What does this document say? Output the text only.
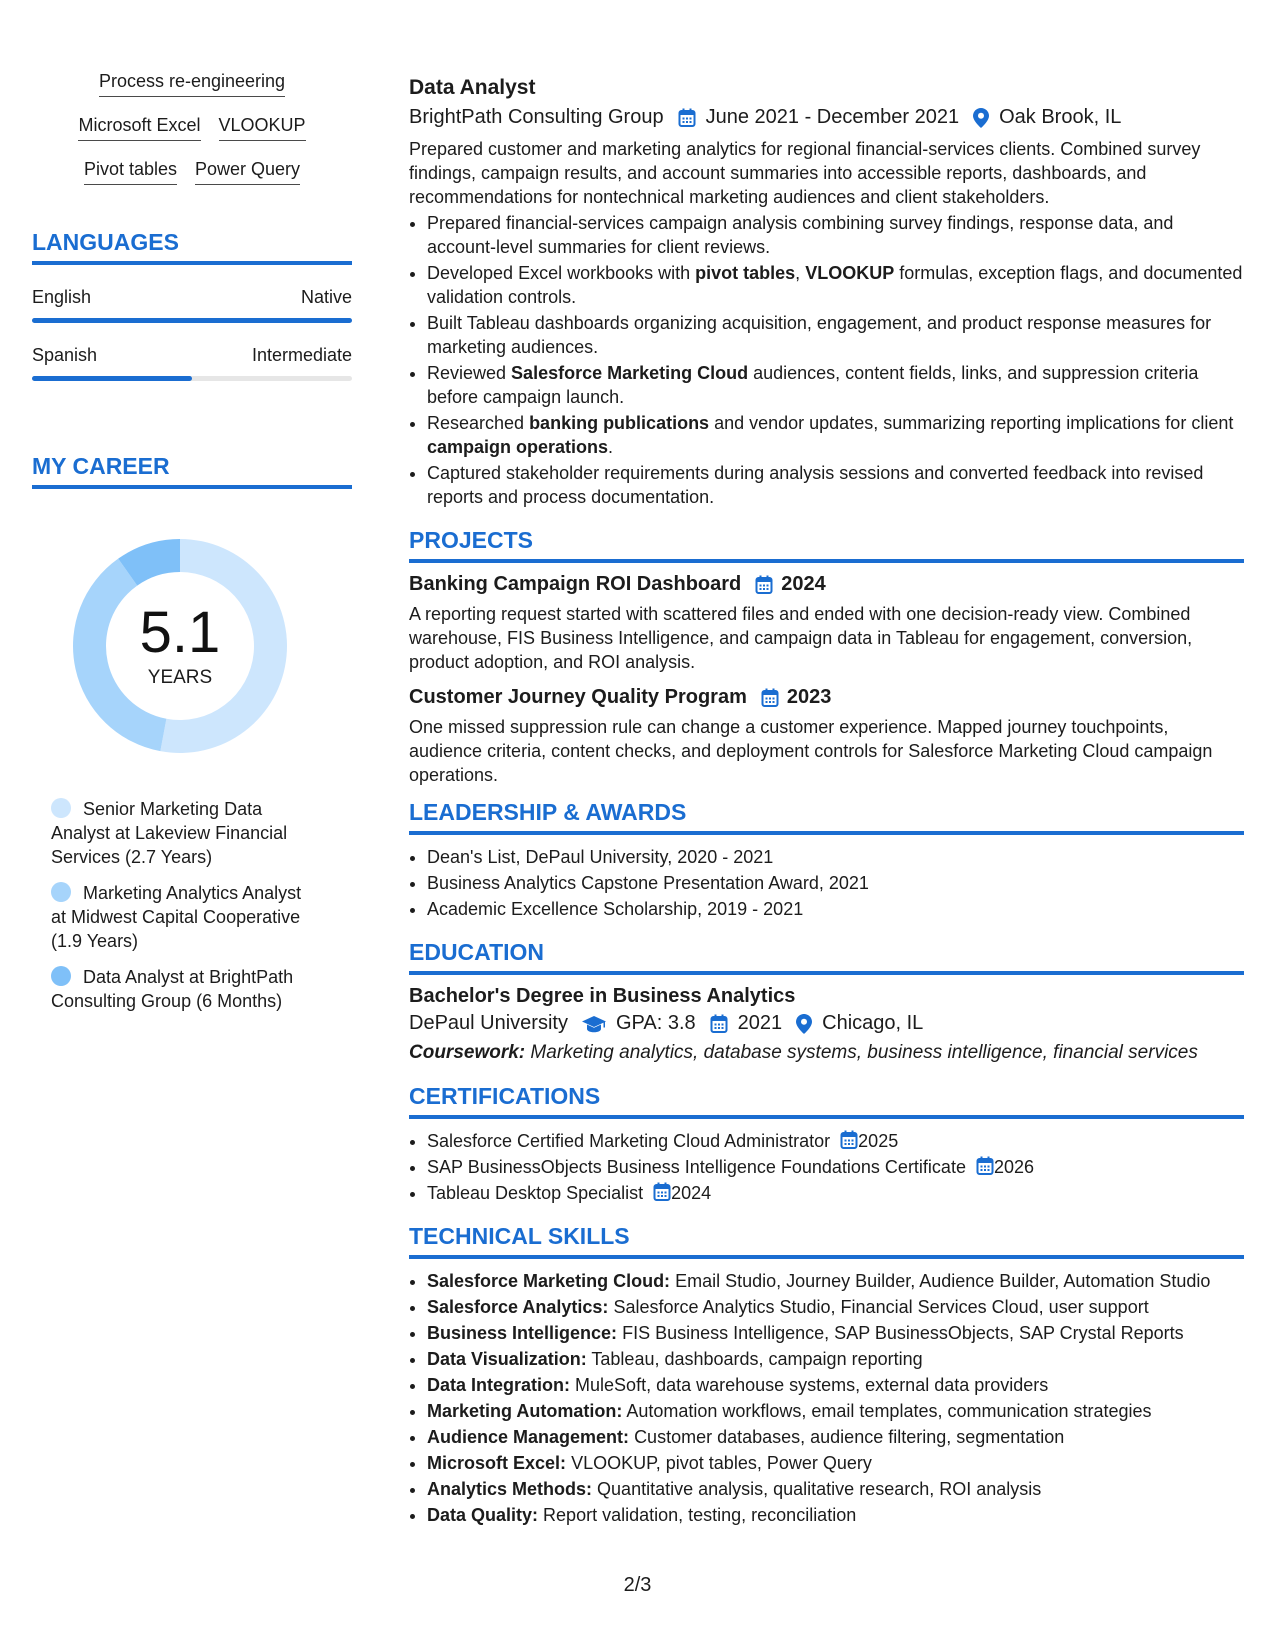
Process re-engineering
Microsoft Excel VLOOKUP
Pivot tables Power Query
LANGUAGES
English	Native
Spanish	Intermediate
MY CAREER
5.1
YEARS
Senior Marketing Data Analyst at Lakeview Financial Services (2.7 Years)
Marketing Analytics Analyst at Midwest Capital Cooperative (1.9 Years)
Data Analyst at BrightPath Consulting Group (6 Months)
Data Analyst
BrightPath Consulting Group June 2021 - December 2021 Oak Brook, IL

Prepared customer and marketing analytics for regional financial-services clients. Combined survey findings, campaign results, and account summaries into accessible reports, dashboards, and recommendations for nontechnical marketing audiences and client stakeholders.

• Prepared financial-services campaign analysis combining survey findings, response data, and account-level summaries for client reviews.
• Developed Excel workbooks with pivot tables, VLOOKUP formulas, exception flags, and documented validation controls.
• Built Tableau dashboards organizing acquisition, engagement, and product response measures for marketing audiences.
• Reviewed Salesforce Marketing Cloud audiences, content fields, links, and suppression criteria before campaign launch.
• Researched banking publications and vendor updates, summarizing reporting implications for client campaign operations.
• Captured stakeholder requirements during analysis sessions and converted feedback into revised reports and process documentation.
PROJECTS
Banking Campaign ROI Dashboard 2024

A reporting request started with scattered files and ended with one decision-ready view. Combined warehouse, FIS Business Intelligence, and campaign data in Tableau for engagement, conversion, product adoption, and ROI analysis.

Customer Journey Quality Program 2023

One missed suppression rule can change a customer experience. Mapped journey touchpoints, audience criteria, content checks, and deployment controls for Salesforce Marketing Cloud campaign operations.

LEADERSHIP & AWARDS
• Dean's List, DePaul University, 2020 - 2021
• Business Analytics Capstone Presentation Award, 2021
• Academic Excellence Scholarship, 2019 - 2021
EDUCATION
Bachelor's Degree in Business Analytics
DePaul University GPA: 3.8 2021 Chicago, IL
Coursework: Marketing analytics, database systems, business intelligence, financial services
CERTIFICATIONS
• Salesforce Certified Marketing Cloud Administrator 2025
• SAP BusinessObjects Business Intelligence Foundations Certificate 2026
• Tableau Desktop Specialist 2024
TECHNICAL SKILLS
• Salesforce Marketing Cloud: Email Studio, Journey Builder, Audience Builder, Automation Studio
• Salesforce Analytics: Salesforce Analytics Studio, Financial Services Cloud, user support
• Business Intelligence: FIS Business Intelligence, SAP BusinessObjects, SAP Crystal Reports
• Data Visualization: Tableau, dashboards, campaign reporting
• Data Integration: MuleSoft, data warehouse systems, external data providers
• Marketing Automation: Automation workflows, email templates, communication strategies
• Audience Management: Customer databases, audience filtering, segmentation
• Microsoft Excel: VLOOKUP, pivot tables, Power Query
• Analytics Methods: Quantitative analysis, qualitative research, ROI analysis
• Data Quality: Report validation, testing, reconciliation
2/3
